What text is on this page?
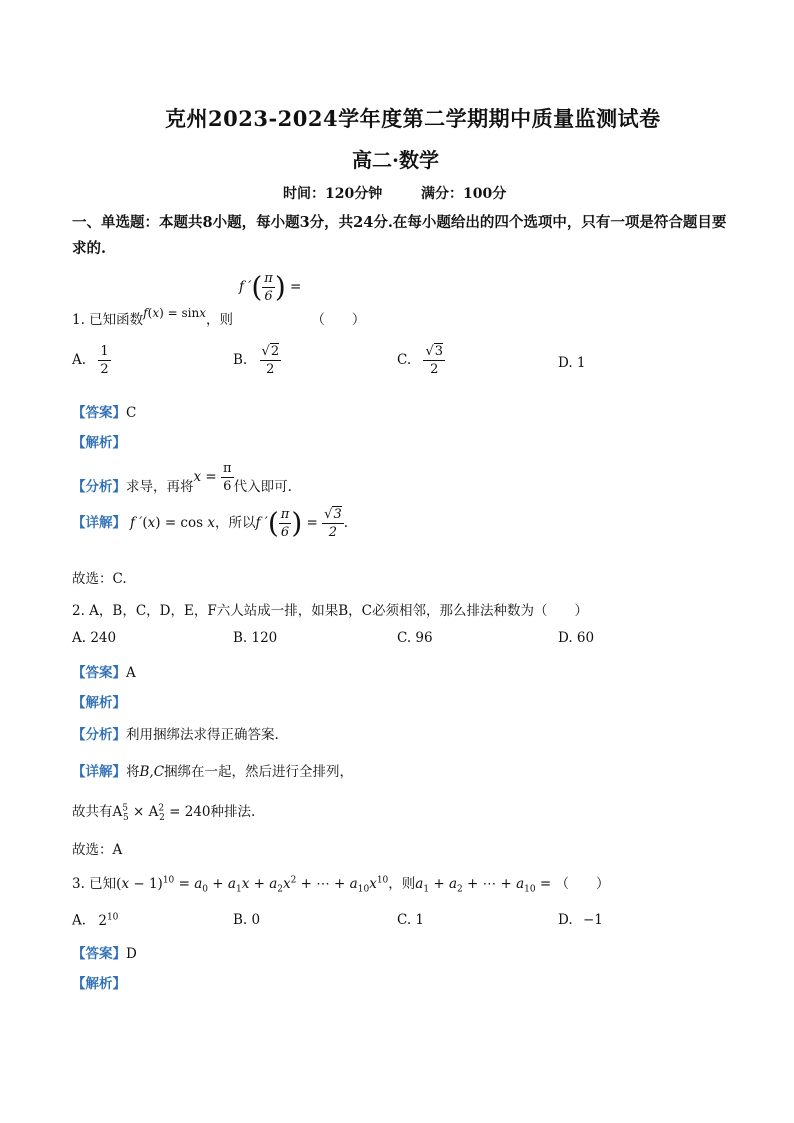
克州2023-2024学年度第二学期期中质量监测试卷
高二·数学
时间：120分钟	满分：100分
一、单选题：本题共8小题，每小题3分，共24分.在每小题给出的四个选项中，只有一项是符合题目要求的.
1. 已知函数f(x) = sinx，则f ′( $\frac{\pi}{6}$ ) =（　　）
A. $\frac{1}{2}$	B. $\frac{√2}{2}$	C. $\frac{√3}{2}$	D. 1
【答案】C
【解析】
【分析】求导，再将$x = \frac{\pi}{6}$ 代入即可.
【详解】 f ′(x) = cos x，所以f ′( $\frac{\pi}{6}$ ) = $\frac{√3}{2}$ .
故选：C.
2. A，B，C，D，E，F六人站成一排，如果B，C必须相邻，那么排法种数为（　　）
A. 240	B. 120	C. 96	D. 60
【答案】A
【解析】
【分析】利用捆绑法求得正确答案.
【详解】将B,C捆绑在一起，然后进行全排列，
故共有$A^5_5 \times A^2_2 = 240$种排法.
故选：A
3. 已知$(x - 1)^{10} = a_0 + a_1x + a_2x^2$ + ⋯ + $a_{10}x^{10}$，则$a_1 + a_2$ + ⋯ + $a_{10}$ = （　　）
A. $2^{10}$	B. 0	C. 1	D. −1
【答案】D
【解析】
